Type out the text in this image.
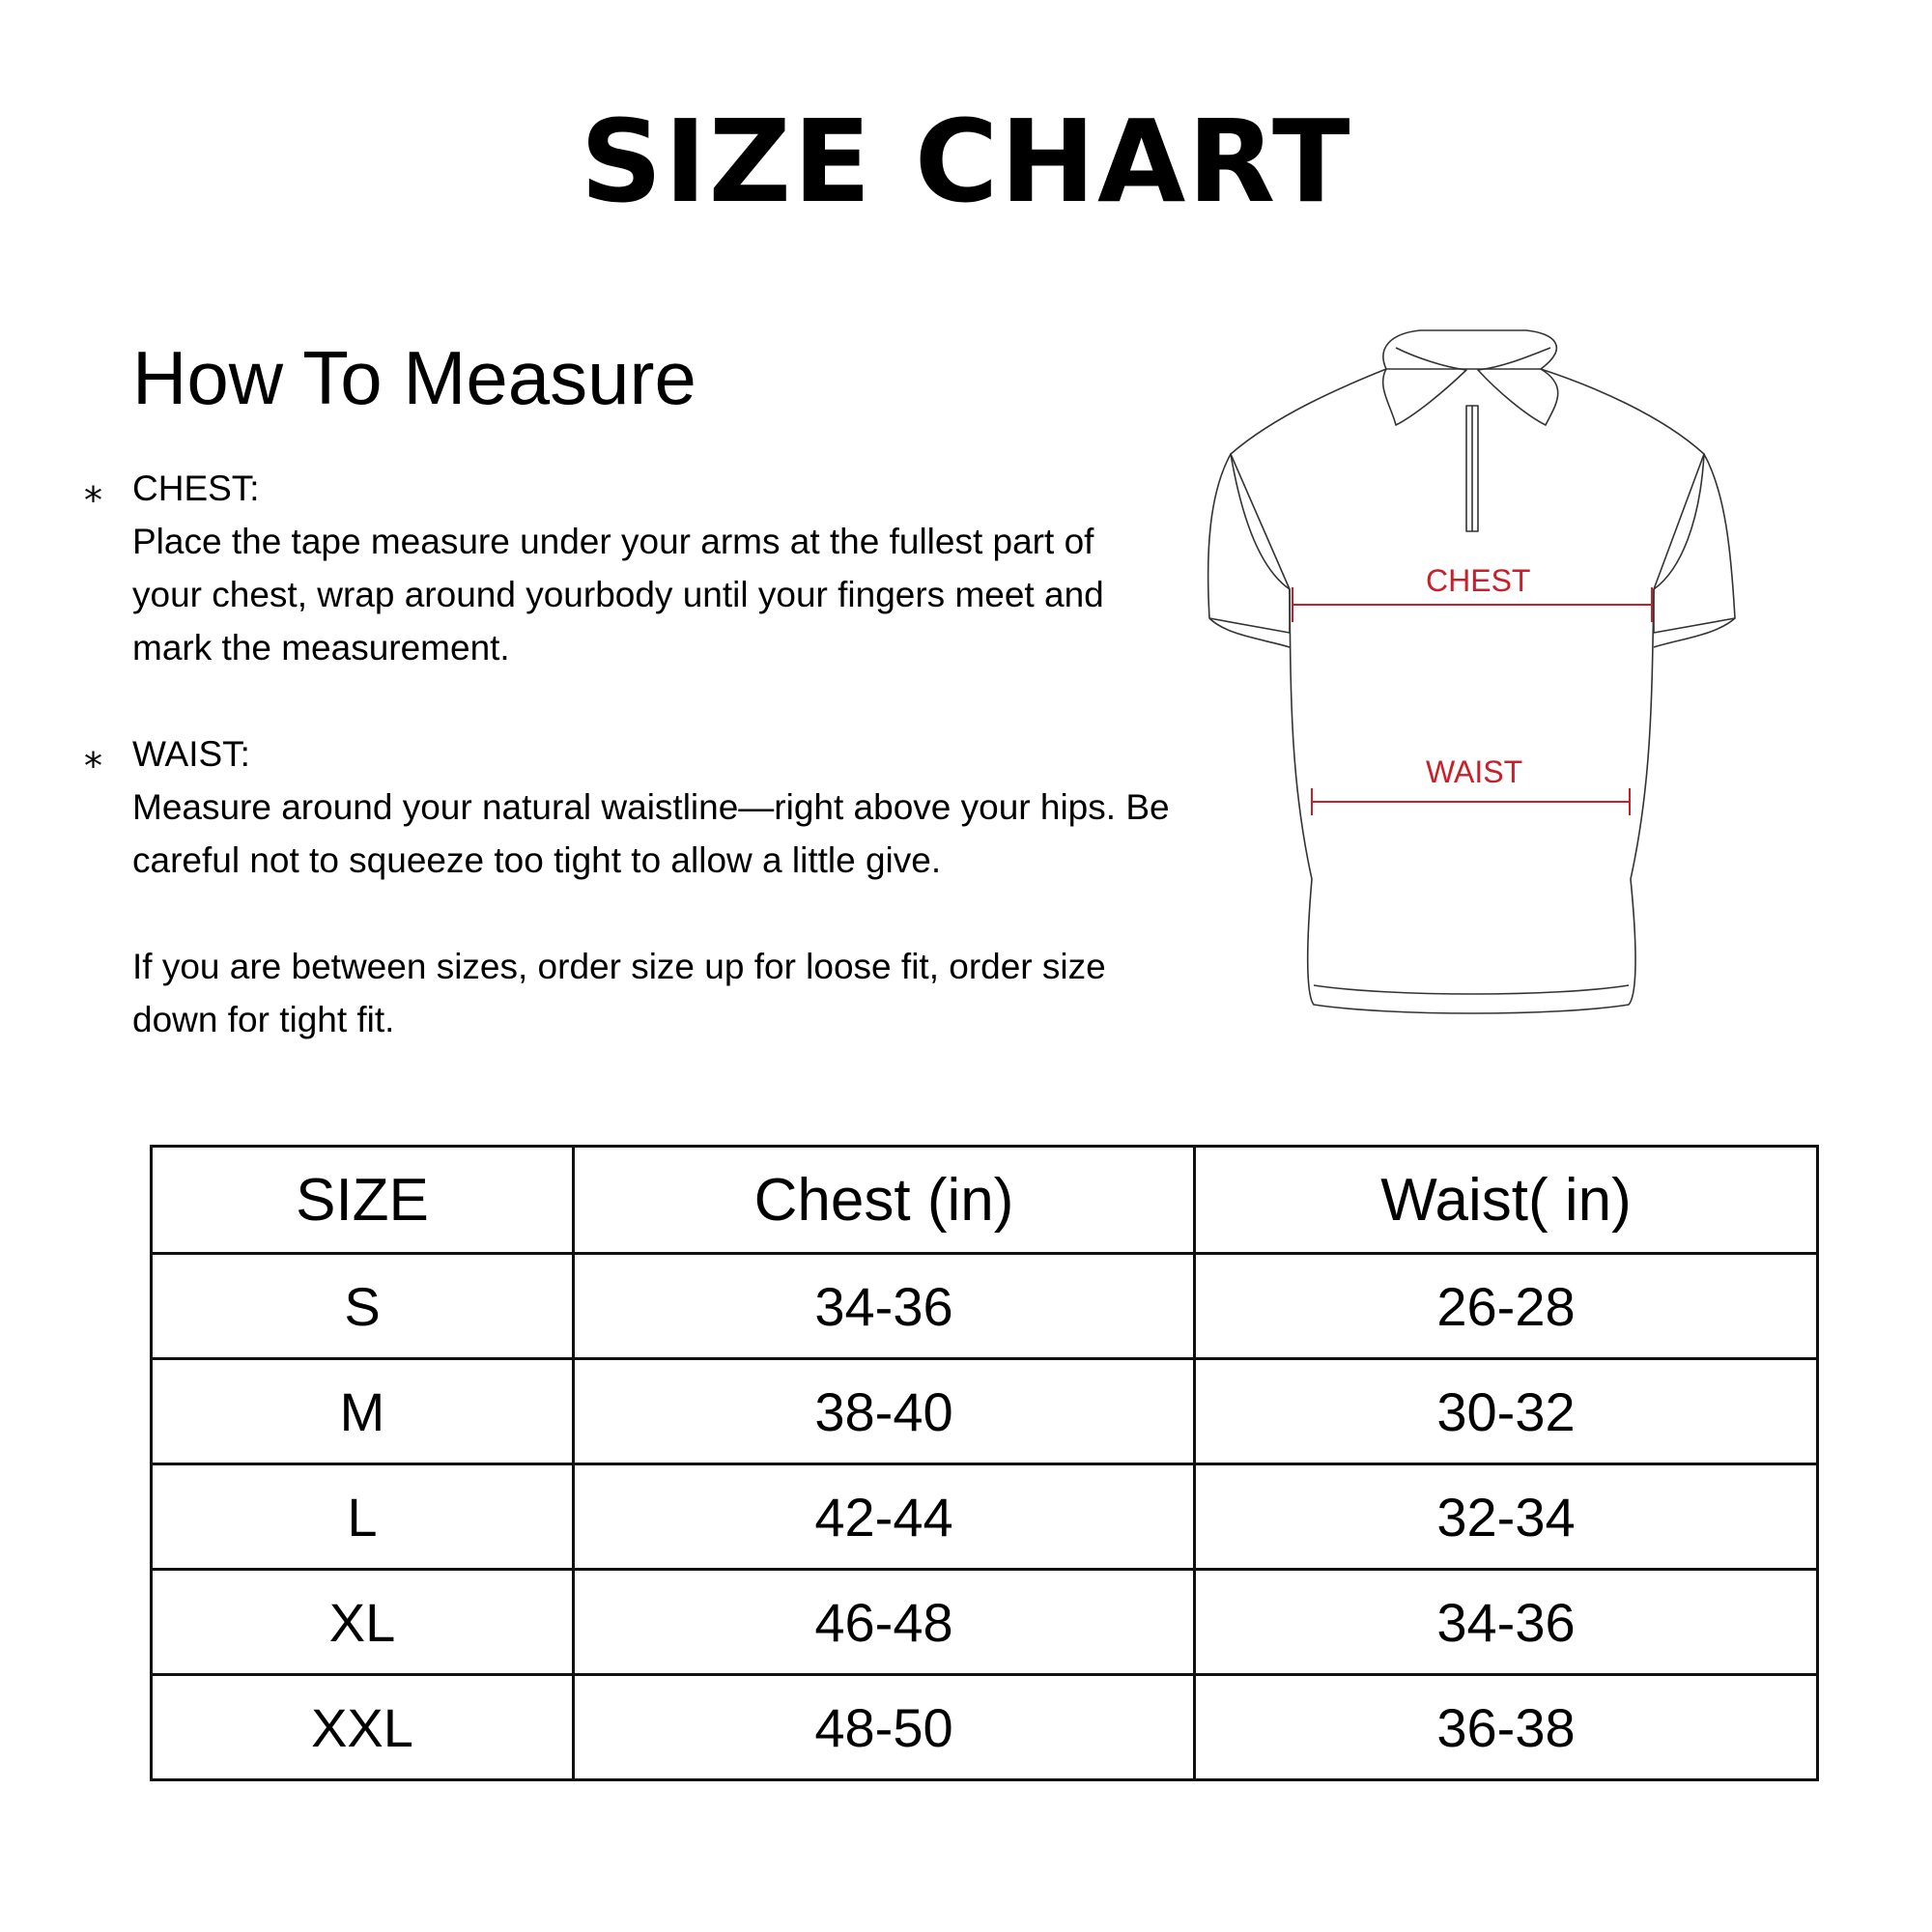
SIZE CHART
How To Measure
⁎ CHEST:

Place the tape measure under your arms at the fullest part of your chest, wrap around yourbody until your fingers meet and mark the measurement.

⁎ WAIST:

Measure around your natural waistline—right above your hips. Be careful not to squeeze too tight to allow a little give.

If you are between sizes, order size up for loose fit, order size down for tight fit.

CHEST
WAIST
SIZE	Chest (in)	Waist( in)
S	34-36	26-28
M	38-40	30-32
L	42-44	32-34
XL	46-48	34-36
XXL	48-50	36-38
